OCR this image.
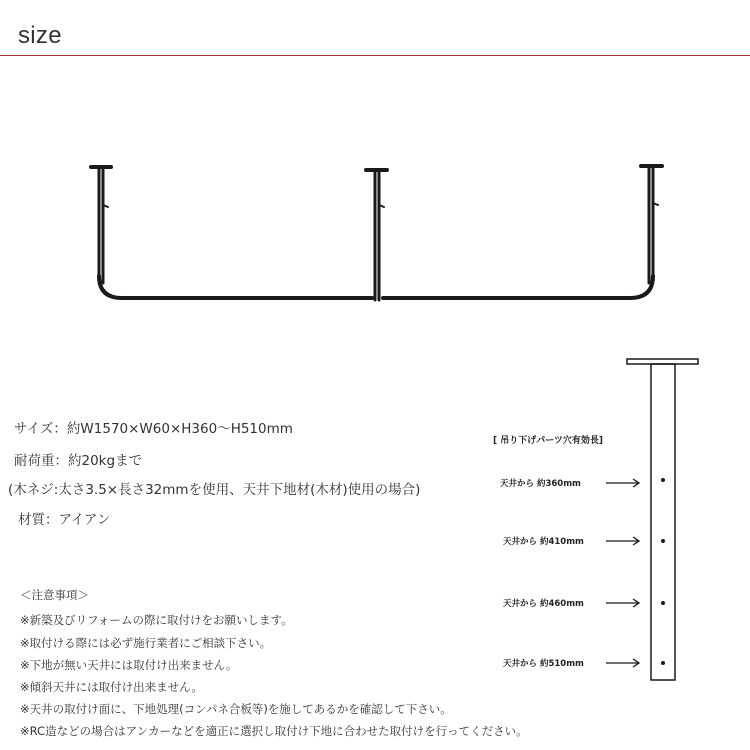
size

サイズ：約W1570×W60×H360～H510mm

耐荷重：約20kgまで

(木ネジ:太さ3.5×長さ32mmを使用、天井下地材(木材)使用の場合)

材質：アイアン

[ 吊り下げパーツ穴有効長]

天井から 約360mm

天井から 約410mm

天井から 約460mm

天井から 約510mm

＜注意事項＞

※新築及びリフォームの際に取付けをお願いします。

※取付ける際には必ず施行業者にご相談下さい。

※下地が無い天井には取付け出来ません。

※傾斜天井には取付け出来ません。

※天井の取付け面に、下地処理(コンパネ合板等)を施してあるかを確認して下さい。

※RC造などの場合はアンカーなどを適正に選択し取付け下地に合わせた取付けを行ってください。
